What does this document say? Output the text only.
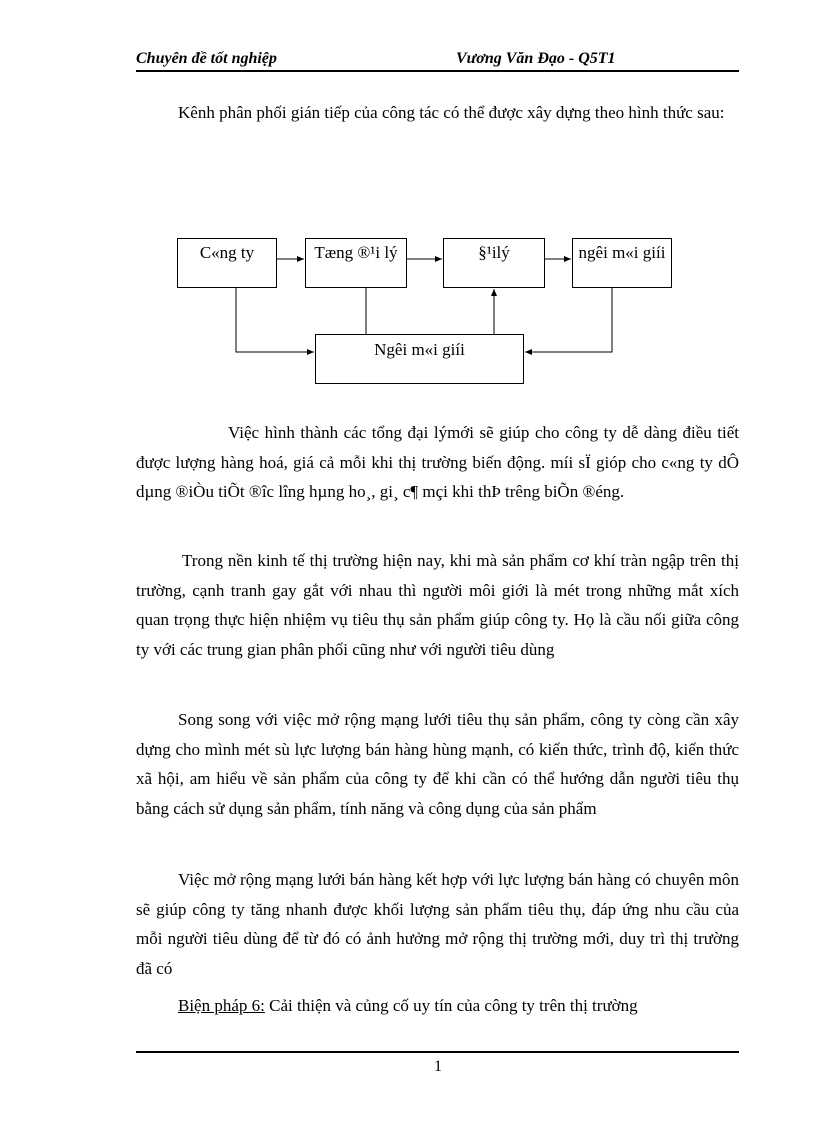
Chuyên đề tốt nghiệp	Vương Văn Đạo - Q5T1

Kênh phân phối gián tiếp của công tác có thể được xây dựng theo hình thức sau:

C«ng ty	Tæng ®¹i lý	§¹ilý	ngêi m«i giíi
Ngêi m«i giíi

Việc hình thành các tổng đại lýmới sẽ giúp cho công ty dễ dàng điều tiết được lượng hàng hoá, giá cả mỗi khi thị trường biến động. míi sÏ gióp cho c«ng ty dÔ dµng ®iÒu tiÕt ®îc lîng hµng ho¸, gi¸ c¶ mçi khi thÞ trêng biÕn ®éng.

Trong nền kinh tế thị trường hiện nay, khi mà sản phẩm cơ khí tràn ngập trên thị trường, cạnh tranh gay gắt với nhau thì người môi giới là mét trong những mắt xích quan trọng thực hiện nhiệm vụ tiêu thụ sản phẩm giúp công ty. Họ là cầu nối giữa công ty với các trung gian phân phối cũng như với người tiêu dùng

Song song với việc mở rộng mạng lưới tiêu thụ sản phẩm, công ty còng cần xây dựng cho mình mét sù lực lượng bán hàng hùng mạnh, có kiến thức, trình độ, kiến thức xã hội, am hiểu về sản phẩm của công ty để khi cần có thể hướng dẫn người tiêu thụ bằng cách sử dụng sản phẩm, tính năng và công dụng của sản phẩm

Việc mở rộng mạng lưới bán hàng kết hợp với lực lượng bán hàng có chuyên môn sẽ giúp công ty tăng nhanh được khối lượng sản phẩm tiêu thụ, đáp ứng nhu cầu của mỗi người tiêu dùng để từ đó có ảnh hưởng mở rộng thị trường mới, duy trì thị trường đã có

Biện pháp 6: Cải thiện và củng cố uy tín của công ty trên thị trường

1
